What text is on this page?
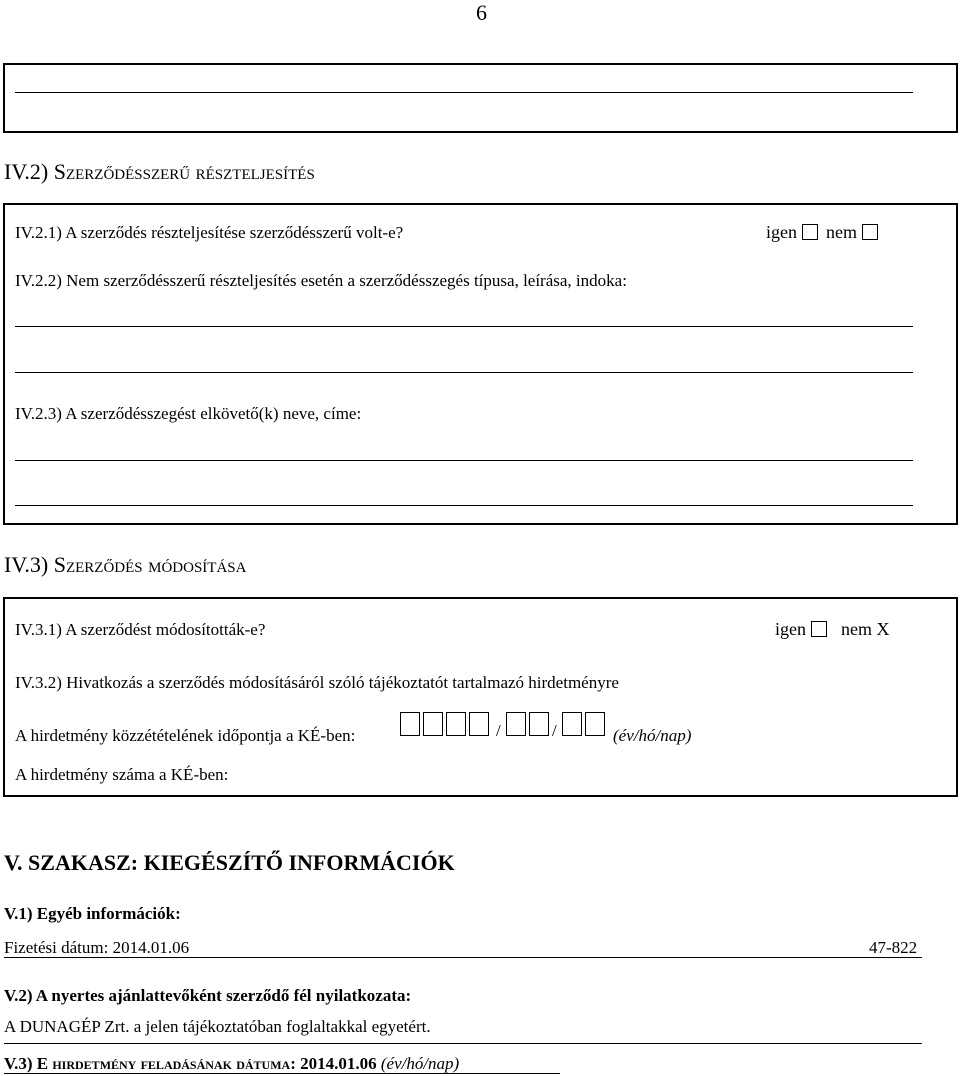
6
IV.2) Szerződésszerű részteljesítés
IV.2.1) A szerződés részteljesítése szerződésszerű volt-e?	igen nem
IV.2.2) Nem szerződésszerű részteljesítés esetén a szerződésszegés típusa, leírása, indoka:
IV.2.3) A szerződésszegést elkövető(k) neve, címe:
IV.3) Szerződés módosítása
IV.3.1) A szerződést módosították-e?	igen nem X
IV.3.2) Hivatkozás a szerződés módosításáról szóló tájékoztatót tartalmazó hirdetményre
A hirdetmény közzétételének időpontja a KÉ-ben:	/	/	(év/hó/nap)
A hirdetmény száma a KÉ-ben:
V. SZAKASZ: KIEGÉSZÍTŐ INFORMÁCIÓK
V.1) Egyéb információk:
Fizetési dátum: 2014.01.06	47-822
V.2) A nyertes ajánlattevőként szerződő fél nyilatkozata:
A DUNAGÉP Zrt. a jelen tájékoztatóban foglaltakkal egyetért.
V.3) E hirdetmény feladásának dátuma: 2014.01.06 (év/hó/nap)
